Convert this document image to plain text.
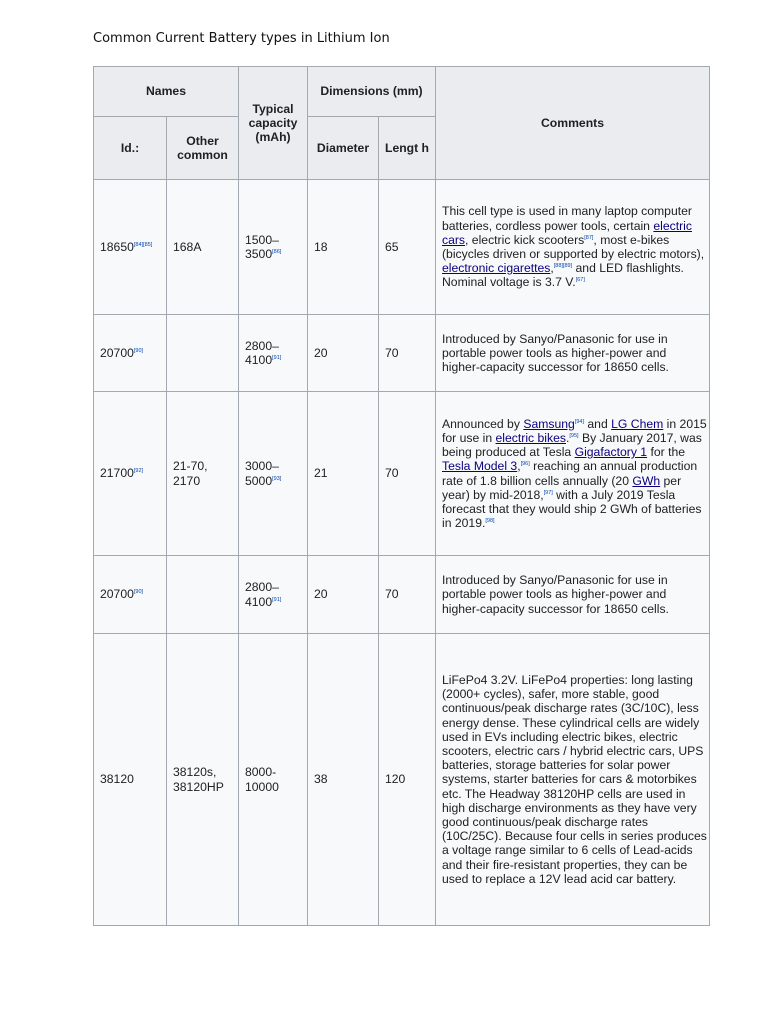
Common Current Battery types in Lithium Ion
Names		Typical capacity (mAh)	Dimensions (mm)		Comments
Id.:	Other common		Diameter	Lengt h	
18650[84][85]	168A	1500–3500[86]	18	65	This cell type is used in many laptop computer batteries, cordless power tools, certain electric cars, electric kick scooters[87], most e-bikes (bicycles driven or supported by electric motors), electronic cigarettes,[88][89] and LED flashlights. Nominal voltage is 3.7 V.[67]
20700[90]		2800–4100[91]	20	70	Introduced by Sanyo/Panasonic for use in portable power tools as higher-power and higher-capacity successor for 18650 cells.
21700[92]	21-70, 2170	3000–5000[93]	21	70	Announced by Samsung[94] and LG Chem in 2015 for use in electric bikes.[95] By January 2017, was being produced at Tesla Gigafactory 1 for the Tesla Model 3,[96] reaching an annual production rate of 1.8 billion cells annually (20 GWh per year) by mid-2018,[97] with a July 2019 Tesla forecast that they would ship 2 GWh of batteries in 2019.[98]
20700[90]		2800–4100[91]	20	70	Introduced by Sanyo/Panasonic for use in portable power tools as higher-power and higher-capacity successor for 18650 cells.
38120	38120s, 38120HP	8000-10000	38	120	LiFePo4 3.2V. LiFePo4 properties: long lasting (2000+ cycles), safer, more stable, good continuous/peak discharge rates (3C/10C), less energy dense. These cylindrical cells are widely used in EVs including electric bikes, electric scooters, electric cars / hybrid electric cars, UPS batteries, storage batteries for solar power systems, starter batteries for cars & motorbikes etc. The Headway 38120HP cells are used in high discharge environments as they have very good continuous/peak discharge rates (10C/25C). Because four cells in series produces a voltage range similar to 6 cells of Lead-acids and their fire-resistant properties, they can be used to replace a 12V lead acid car battery.
